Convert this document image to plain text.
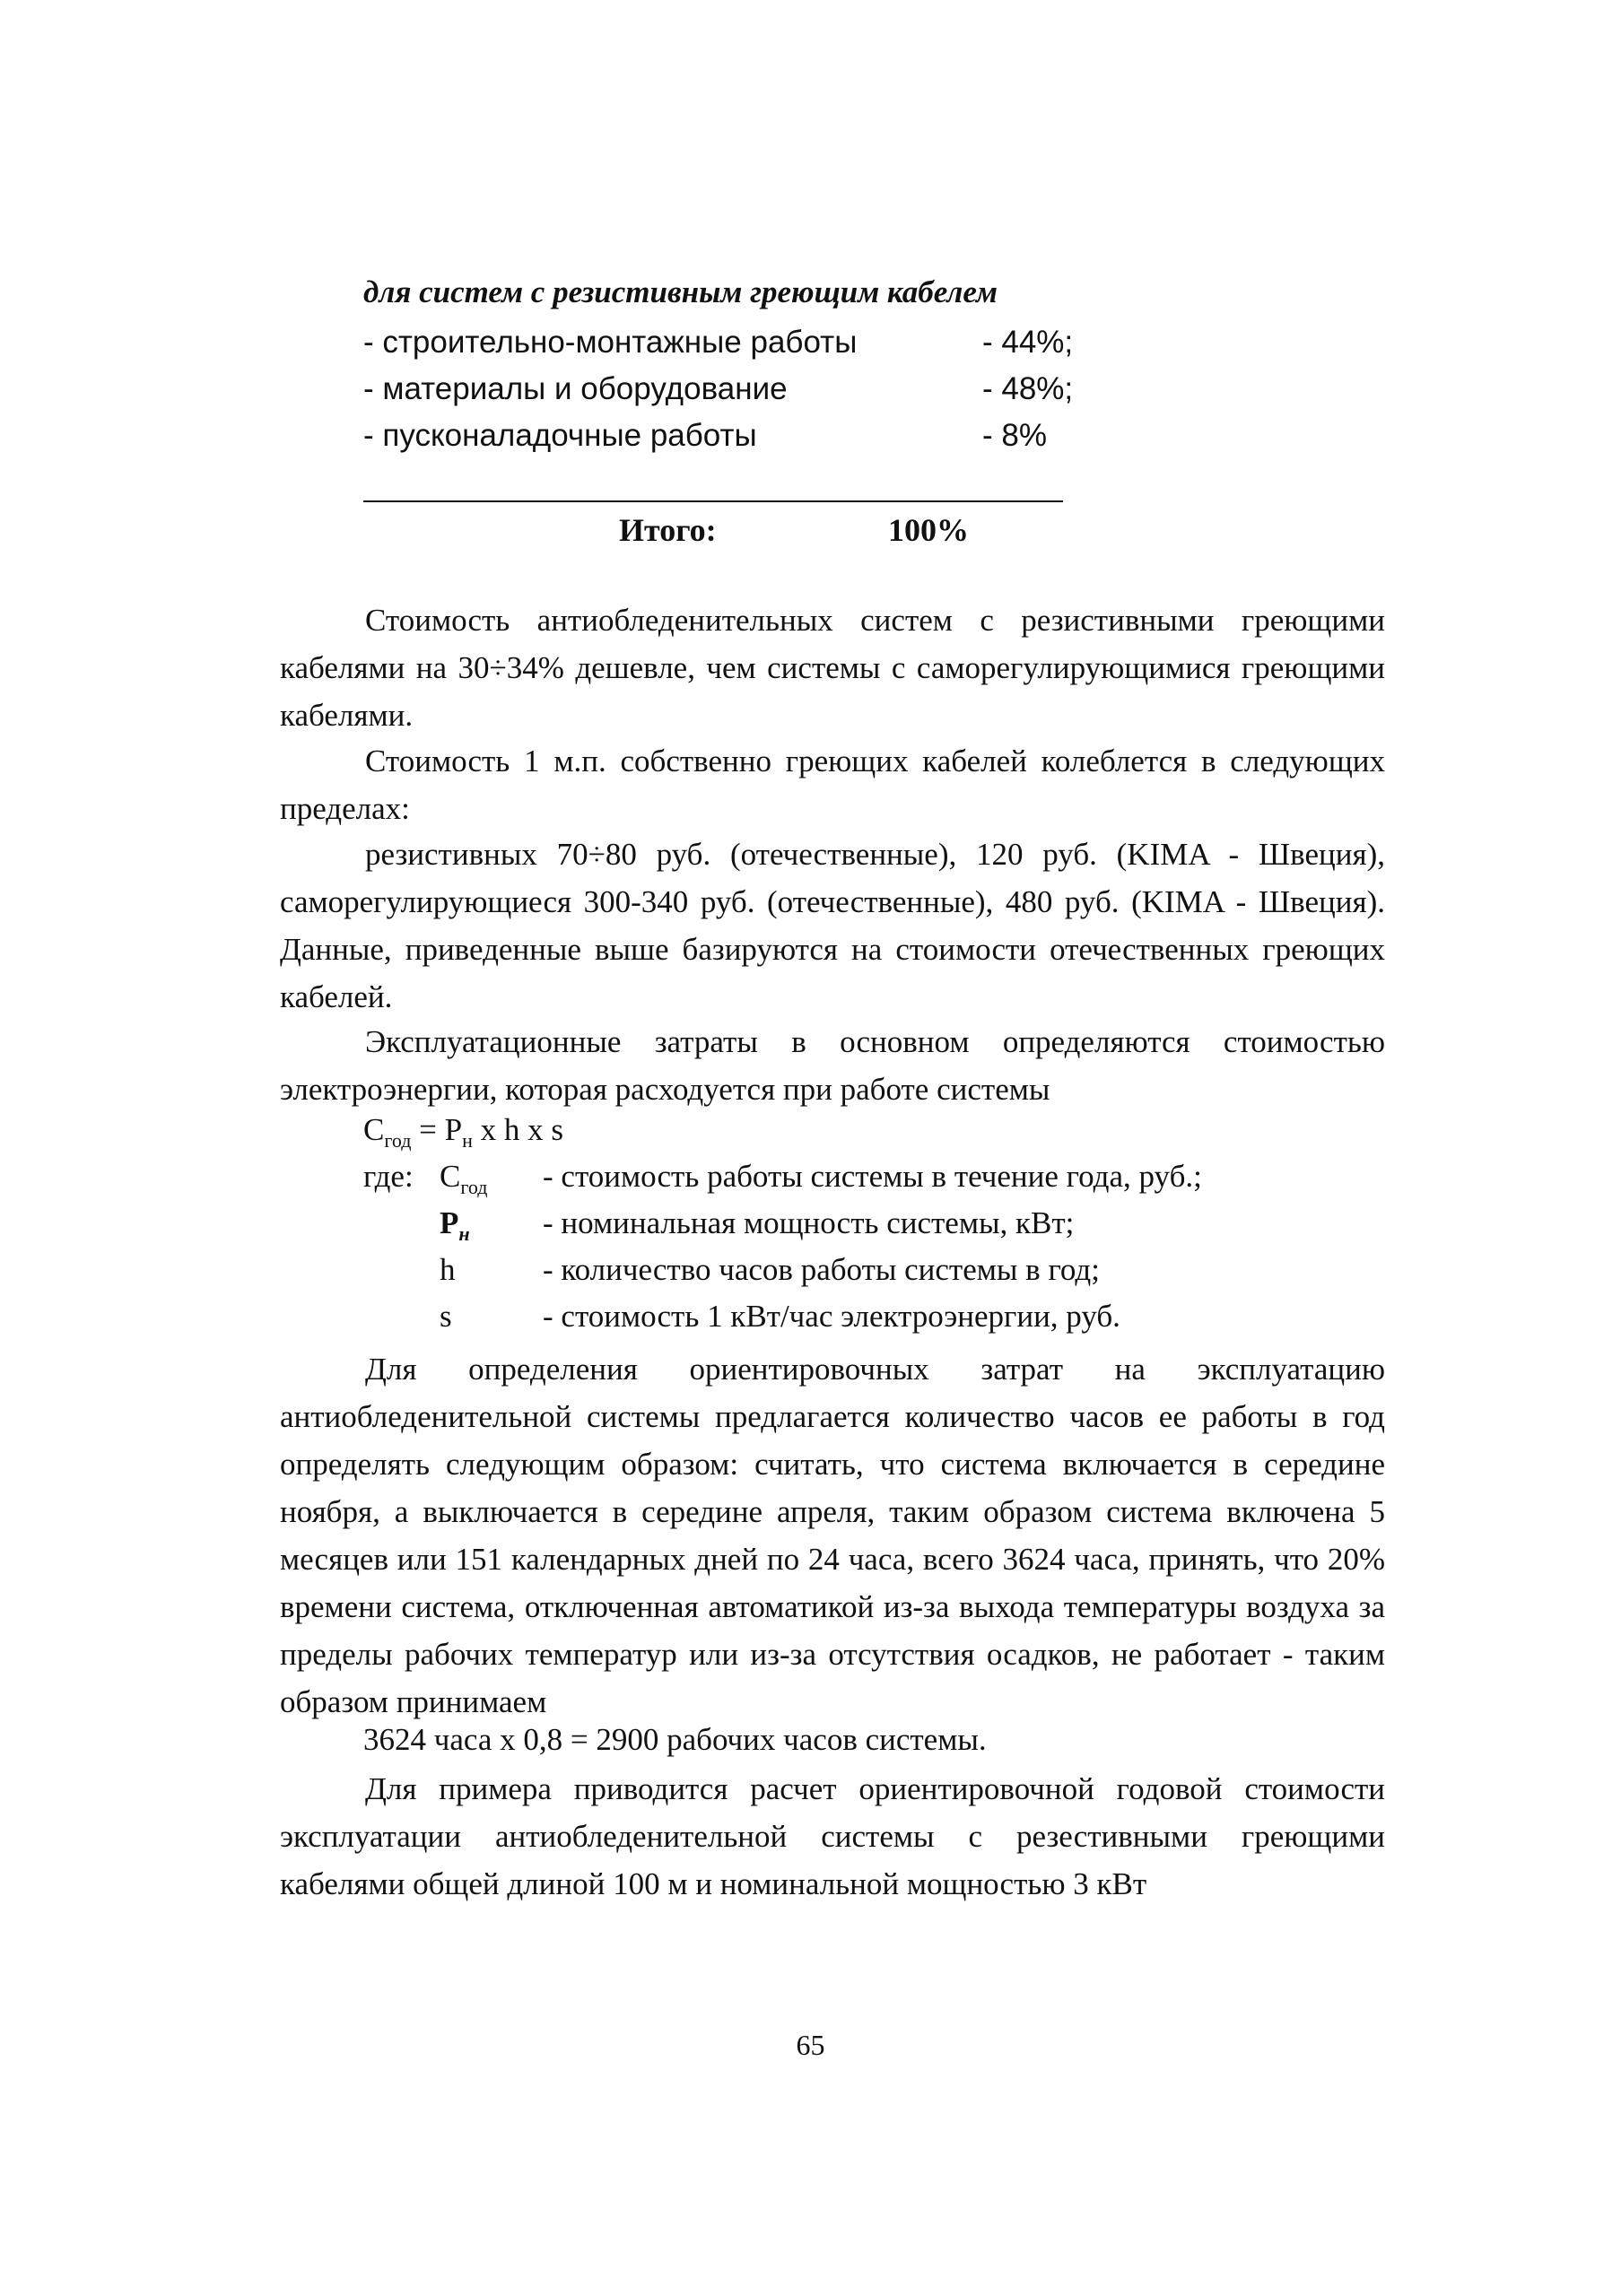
для систем с резистивным греющим кабелем
- строительно-монтажные работы	- 44%;
- материалы и оборудование	- 48%;
- пусконаладочные работы	- 8%
Итого:	100%
Стоимость антиобледенительных систем с резистивными греющими кабелями на 30÷34% дешевле, чем системы с саморегулирующимися греющими кабелями.
Стоимость 1 м.п. собственно греющих кабелей колеблется в следующих пределах:
резистивных 70÷80 руб. (отечественные), 120 руб. (KIMA - Швеция), саморегулирующиеся 300-340 руб. (отечественные), 480 руб. (KIMA - Швеция). Данные, приведенные выше базируются на стоимости отечественных греющих кабелей.
Эксплуатационные затраты в основном определяются стоимостью электроэнергии, которая расходуется при работе системы
$C_{год} = P_н$ x h x s
где: $C_{год}$ - стоимость работы системы в течение года, руб.;
$P_н$ - номинальная мощность системы, кВт;
h	- количество часов работы системы в год;
s	- стоимость 1 кВт/час электроэнергии, руб.
Для определения ориентировочных затрат на эксплуатацию антиобледенительной системы предлагается количество часов ее работы в год определять следующим образом: считать, что система включается в середине ноября, а выключается в середине апреля, таким образом система включена 5 месяцев или 151 календарных дней по 24 часа, всего 3624 часа, принять, что 20% времени система, отключенная автоматикой из-за выхода температуры воздуха за пределы рабочих температур или из-за отсутствия осадков, не работает - таким образом принимаем
3624 часа х 0,8 = 2900 рабочих часов системы.
Для примера приводится расчет ориентировочной годовой стоимости эксплуатации антиобледенительной системы с резестивными греющими кабелями общей длиной 100 м и номинальной мощностью 3 кВт
65
